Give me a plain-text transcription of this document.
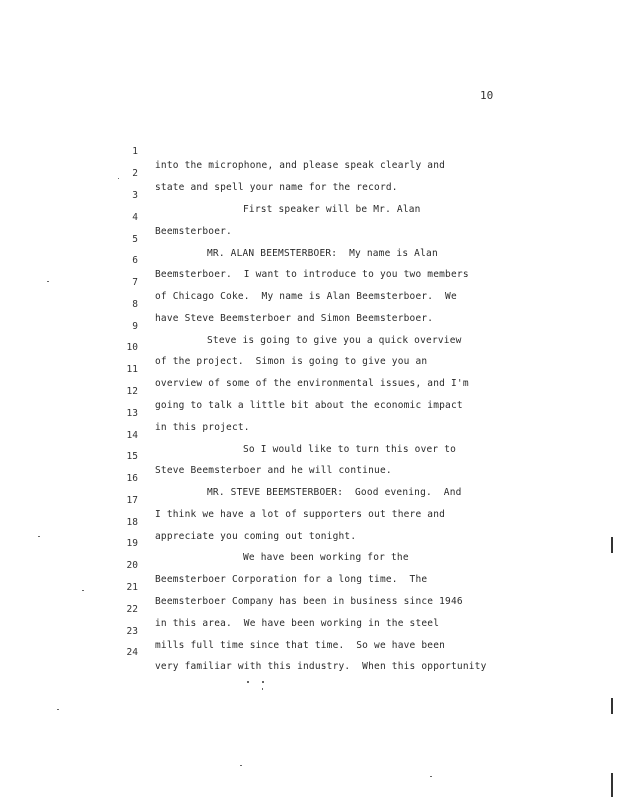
10

1

into the microphone, and please speak clearly and

2

state and spell your name for the record.

3

First speaker will be Mr. Alan

4

Beemsterboer.

5

MR. ALAN BEEMSTERBOER:  My name is Alan

6

Beemsterboer.  I want to introduce to you two members

7

of Chicago Coke.  My name is Alan Beemsterboer.  We

8

have Steve Beemsterboer and Simon Beemsterboer.

9

Steve is going to give you a quick overview

10

of the project.  Simon is going to give you an

11

overview of some of the environmental issues, and I'm

12

going to talk a little bit about the economic impact

13

in this project.

14

So I would like to turn this over to

15

Steve Beemsterboer and he will continue.

16

MR. STEVE BEEMSTERBOER:  Good evening.  And

17

I think we have a lot of supporters out there and

18

appreciate you coming out tonight.

19

We have been working for the

20

Beemsterboer Corporation for a long time.  The

21

Beemsterboer Company has been in business since 1946

22

in this area.  We have been working in the steel

23

mills full time since that time.  So we have been

24

very familiar with this industry.  When this opportunity
